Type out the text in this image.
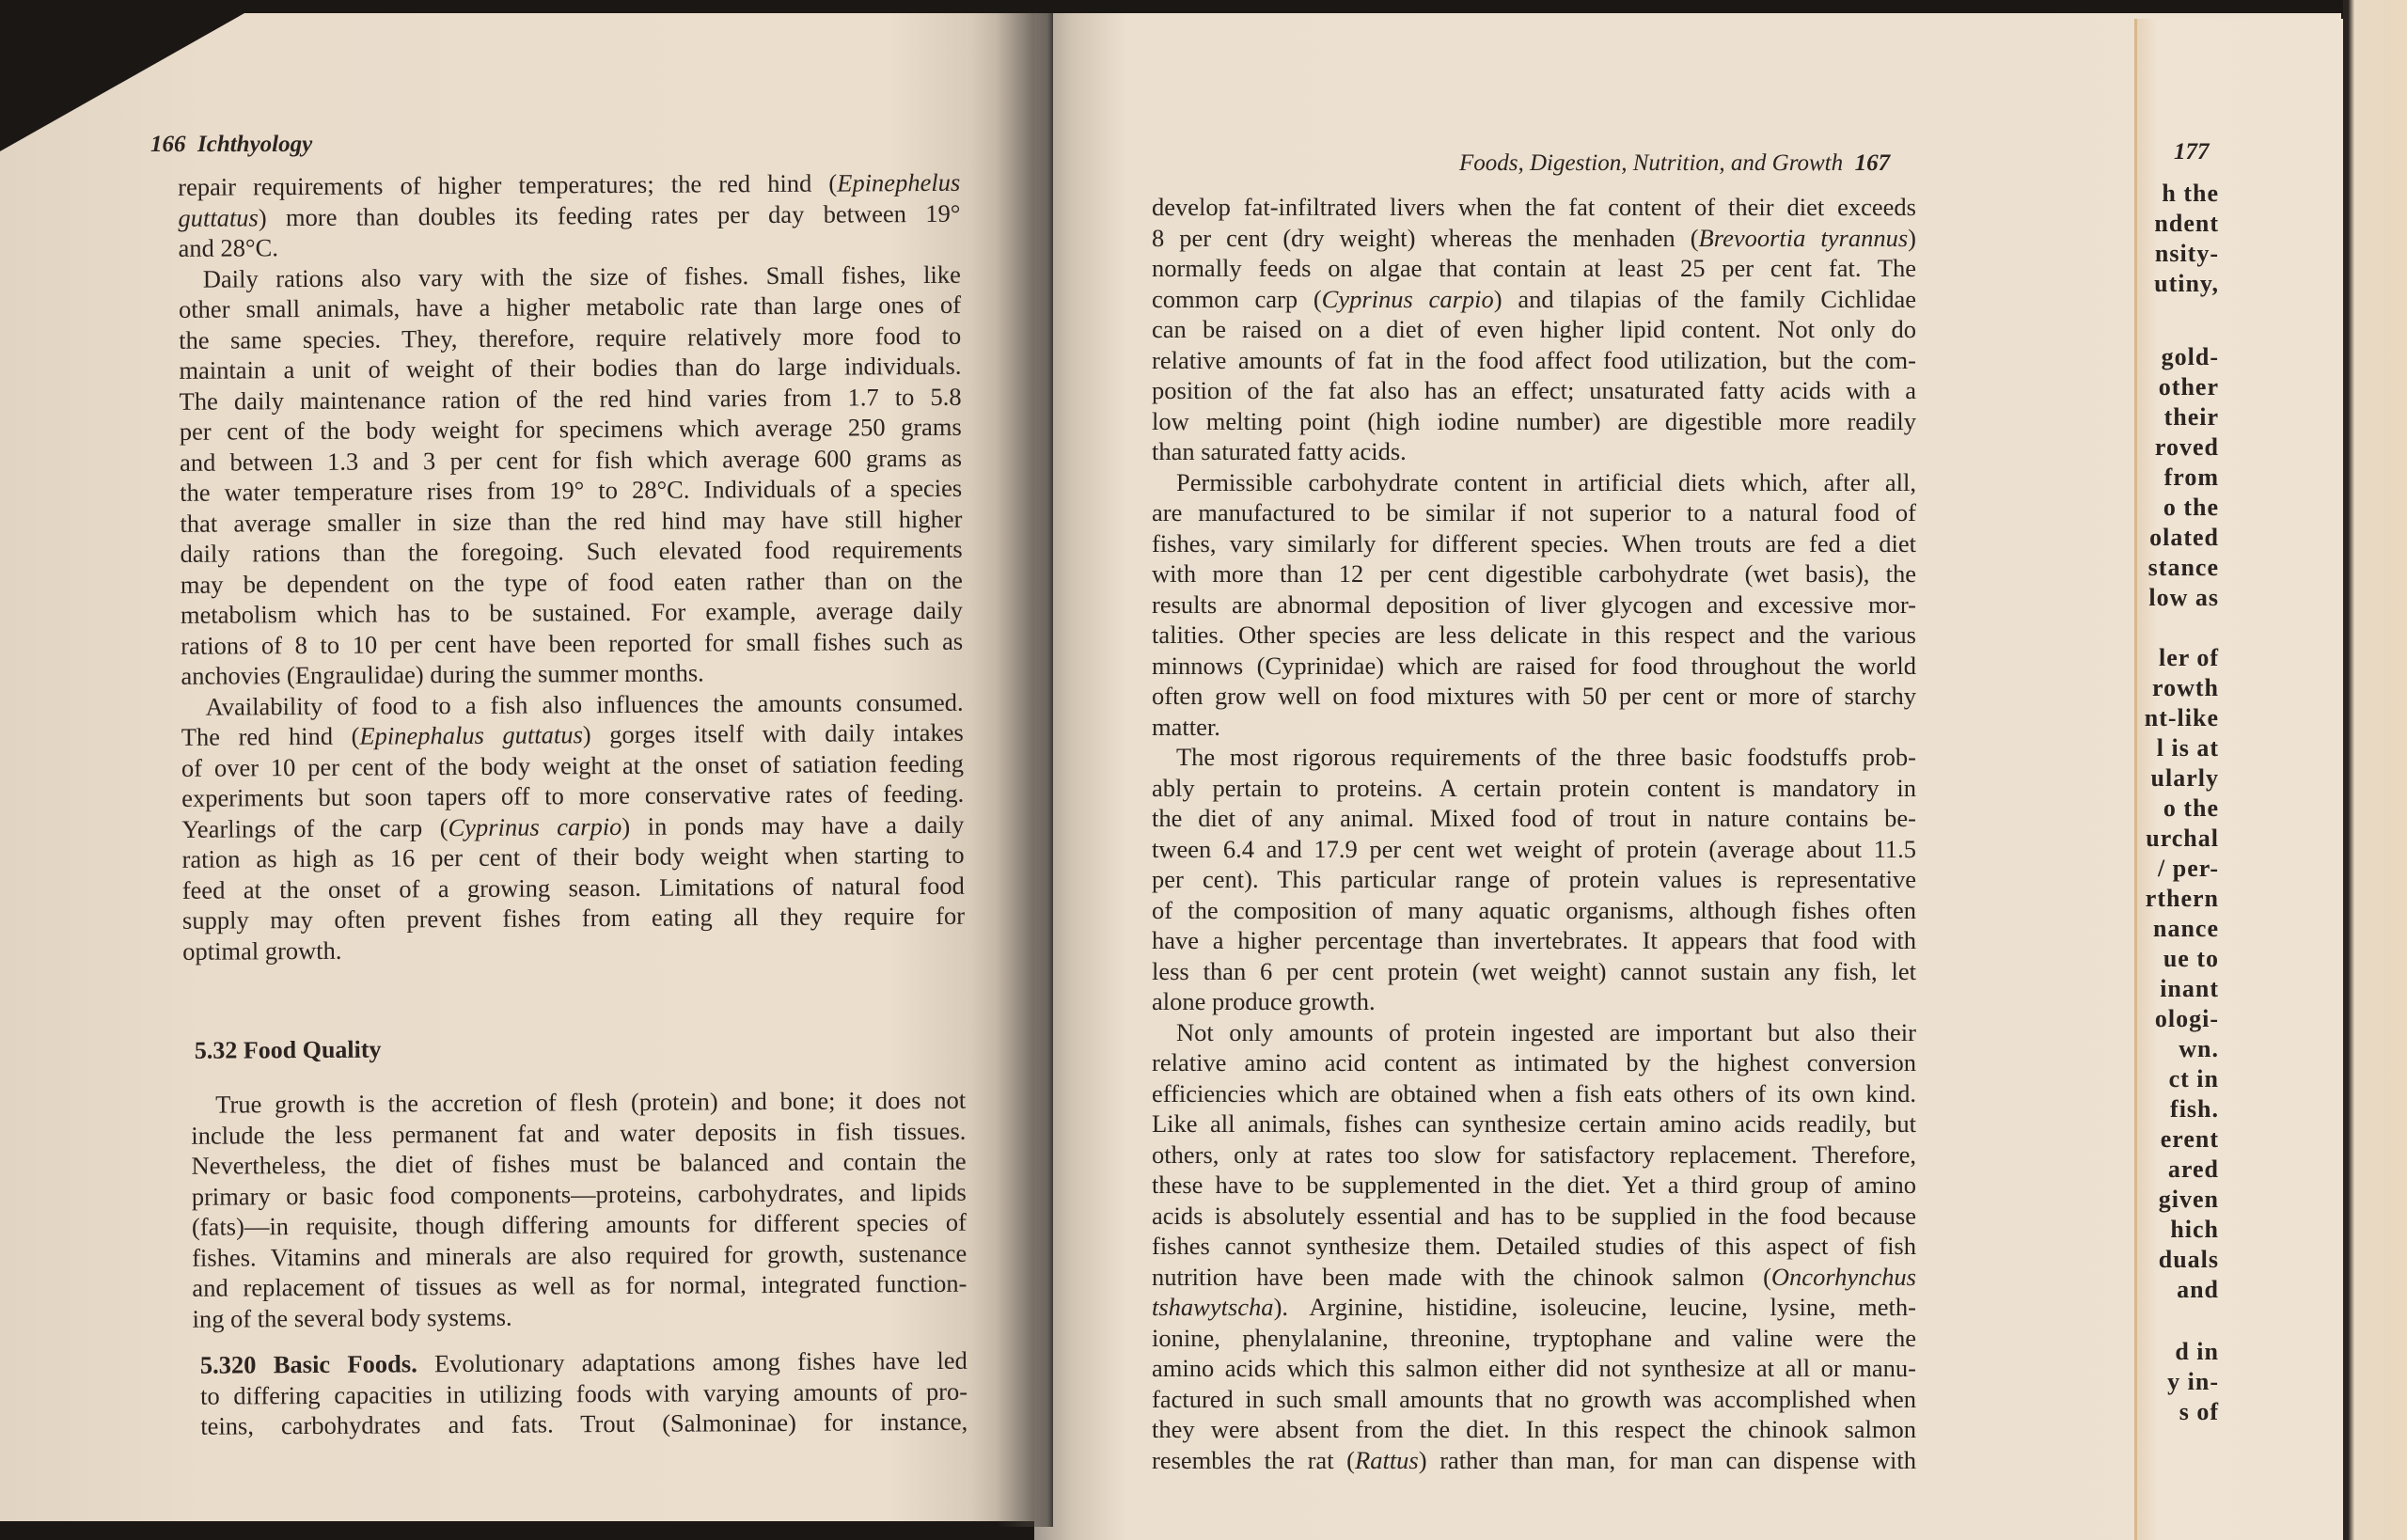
166 Ichthyology
repair requirements of higher temperatures; the red hind (Epinephelus
guttatus) more than doubles its feeding rates per day between 19°
and 28°C.
Daily rations also vary with the size of fishes. Small fishes, like
other small animals, have a higher metabolic rate than large ones of
the same species. They, therefore, require relatively more food to
maintain a unit of weight of their bodies than do large individuals.
The daily maintenance ration of the red hind varies from 1.7 to 5.8
per cent of the body weight for specimens which average 250 grams
and between 1.3 and 3 per cent for fish which average 600 grams as
the water temperature rises from 19° to 28°C. Individuals of a species
that average smaller in size than the red hind may have still higher
daily rations than the foregoing. Such elevated food requirements
may be dependent on the type of food eaten rather than on the
metabolism which has to be sustained. For example, average daily
rations of 8 to 10 per cent have been reported for small fishes such as
anchovies (Engraulidae) during the summer months.
Availability of food to a fish also influences the amounts consumed.
The red hind (Epinephalus guttatus) gorges itself with daily intakes
of over 10 per cent of the body weight at the onset of satiation feeding
experiments but soon tapers off to more conservative rates of feeding.
Yearlings of the carp (Cyprinus carpio) in ponds may have a daily
ration as high as 16 per cent of their body weight when starting to
feed at the onset of a growing season. Limitations of natural food
supply may often prevent fishes from eating all they require for
optimal growth.
5.32 Food Quality
True growth is the accretion of flesh (protein) and bone; it does not
include the less permanent fat and water deposits in fish tissues.
Nevertheless, the diet of fishes must be balanced and contain the
primary or basic food components—proteins, carbohydrates, and lipids
(fats)—in requisite, though differing amounts for different species of
fishes. Vitamins and minerals are also required for growth, sustenance
and replacement of tissues as well as for normal, integrated function-
ing of the several body systems.
5.320 Basic Foods. Evolutionary adaptations among fishes have led
to differing capacities in utilizing foods with varying amounts of pro-
teins, carbohydrates and fats. Trout (Salmoninae) for instance,
Foods, Digestion, Nutrition, and Growth 167
develop fat-infiltrated livers when the fat content of their diet exceeds
8 per cent (dry weight) whereas the menhaden (Brevoortia tyrannus)
normally feeds on algae that contain at least 25 per cent fat. The
common carp (Cyprinus carpio) and tilapias of the family Cichlidae
can be raised on a diet of even higher lipid content. Not only do
relative amounts of fat in the food affect food utilization, but the com-
position of the fat also has an effect; unsaturated fatty acids with a
low melting point (high iodine number) are digestible more readily
than saturated fatty acids.
Permissible carbohydrate content in artificial diets which, after all,
are manufactured to be similar if not superior to a natural food of
fishes, vary similarly for different species. When trouts are fed a diet
with more than 12 per cent digestible carbohydrate (wet basis), the
results are abnormal deposition of liver glycogen and excessive mor-
talities. Other species are less delicate in this respect and the various
minnows (Cyprinidae) which are raised for food throughout the world
often grow well on food mixtures with 50 per cent or more of starchy
matter.
The most rigorous requirements of the three basic foodstuffs prob-
ably pertain to proteins. A certain protein content is mandatory in
the diet of any animal. Mixed food of trout in nature contains be-
tween 6.4 and 17.9 per cent wet weight of protein (average about 11.5
per cent). This particular range of protein values is representative
of the composition of many aquatic organisms, although fishes often
have a higher percentage than invertebrates. It appears that food with
less than 6 per cent protein (wet weight) cannot sustain any fish, let
alone produce growth.
Not only amounts of protein ingested are important but also their
relative amino acid content as intimated by the highest conversion
efficiencies which are obtained when a fish eats others of its own kind.
Like all animals, fishes can synthesize certain amino acids readily, but
others, only at rates too slow for satisfactory replacement. Therefore,
these have to be supplemented in the diet. Yet a third group of amino
acids is absolutely essential and has to be supplied in the food because
fishes cannot synthesize them. Detailed studies of this aspect of fish
nutrition have been made with the chinook salmon (Oncorhynchus
tshawytscha). Arginine, histidine, isoleucine, leucine, lysine, meth-
ionine, phenylalanine, threonine, tryptophane and valine were the
amino acids which this salmon either did not synthesize at all or manu-
factured in such small amounts that no growth was accomplished when
they were absent from the diet. In this respect the chinook salmon
resembles the rat (Rattus) rather than man, for man can dispense with
177
h the
ndent
nsity-
utiny,
gold-
other
their
roved
from
o the
olated
stance
low as
ler of
rowth
nt-like
l is at
ularly
o the
urchal
/ per-
rthern
nance
ue to
inant
ologi-
wn.
ct in
fish.
erent
ared
given
hich
duals
and
d in
y in-
s of
